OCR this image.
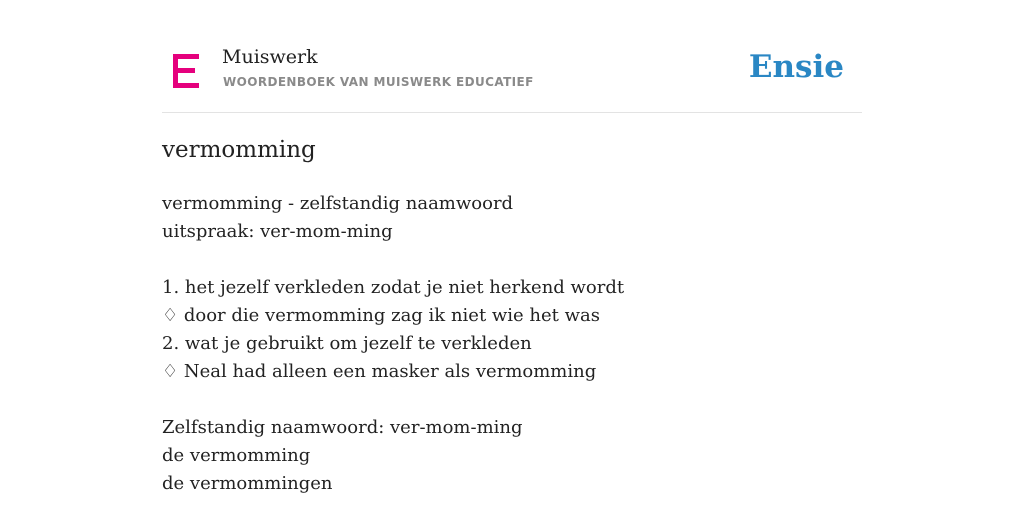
Muiswerk
WOORDENBOEK VAN MUISWERK EDUCATIEF	Ensie
vermomming
vermomming - zelfstandig naamwoord
uitspraak: ver-mom-ming
1. het jezelf verkleden zodat je niet herkend wordt
♢ door die vermomming zag ik niet wie het was
2. wat je gebruikt om jezelf te verkleden
♢ Neal had alleen een masker als vermomming
Zelfstandig naamwoord: ver-mom-ming
de vermomming
de vermommingen
